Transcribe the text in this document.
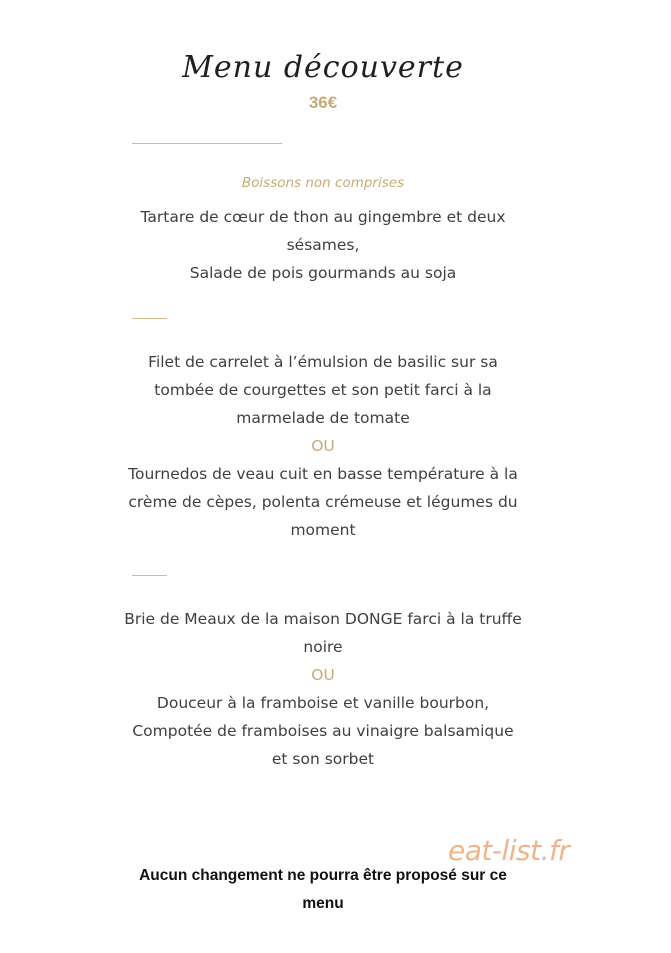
Menu découverte
36€
Boissons non comprises

Tartare de cœur de thon au gingembre et deux sésames,

Salade de pois gourmands au soja

Filet de carrelet à l’émulsion de basilic sur sa tombée de courgettes et son petit farci à la marmelade de tomate

OU

Tournedos de veau cuit en basse température à la crème de cèpes, polenta crémeuse et légumes du moment

Brie de Meaux de la maison DONGE farci à la truffe noire

OU

Douceur à la framboise et vanille bourbon,

Compotée de framboises au vinaigre balsamique et son sorbet

eat-list.fr
Aucun changement ne pourra être proposé sur ce menu
